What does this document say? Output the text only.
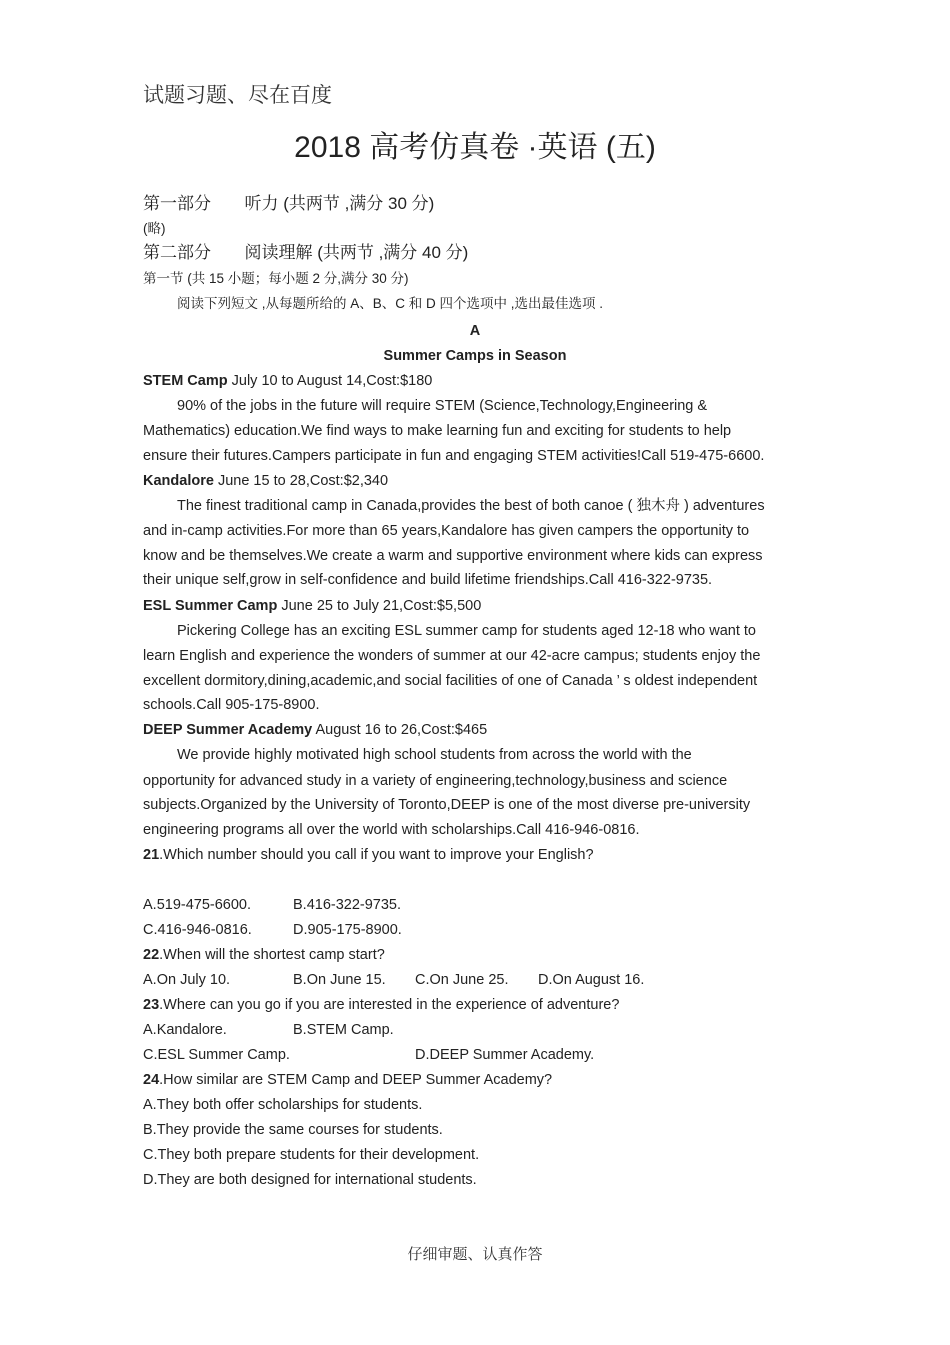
试题习题、尽在百度
2018 高考仿真卷 ·英语 (五)
第一部分 听力 (共两节 ,满分 30 分)
(略)
第二部分 阅读理解 (共两节 ,满分 40 分)
第一节 (共 15 小题；每小题 2 分,满分 30 分)
阅读下列短文 ,从每题所给的 A、B、C 和 D 四个选项中 ,选出最佳选项 .
A
Summer Camps in Season
STEM Camp July 10 to August 14,Cost:$180
90% of the jobs in the future will require STEM (Science,Technology,Engineering &
Mathematics) education.We find ways to make learning fun and exciting for students to help
ensure their futures.Campers participate in fun and engaging STEM activities!Call 519-475-6600.
Kandalore June 15 to 28,Cost:$2,340
The finest traditional camp in Canada,provides the best of both canoe ( 独木舟 ) adventures
and in-camp activities.For more than 65 years,Kandalore has given campers the opportunity to
know and be themselves.We create a warm and supportive environment where kids can express
their unique self,grow in self-confidence and build lifetime friendships.Call 416-322-9735.
ESL Summer Camp June 25 to July 21,Cost:$5,500
Pickering College has an exciting ESL summer camp for students aged 12-18 who want to
learn English and experience the wonders of summer at our 42-acre campus; students enjoy the
excellent dormitory,dining,academic,and social facilities of one of Canada ’ s oldest independent
schools.Call 905-175-8900.
DEEP Summer Academy August 16 to 26,Cost:$465
We provide highly motivated high school students from across the world with the
opportunity for advanced study in a variety of engineering,technology,business and science
subjects.Organized by the University of Toronto,DEEP is one of the most diverse pre-university
engineering programs all over the world with scholarships.Call 416-946-0816.
21.Which number should you call if you want to improve your English?
A.519-475-6600.	B.416-322-9735.
C.416-946-0816.	D.905-175-8900.
22.When will the shortest camp start?
A.On July 10.	B.On June 15. C.On June 25. D.On August 16.
23.Where can you go if you are interested in the experience of adventure?
A.Kandalore.	B.STEM Camp.
C.ESL Summer Camp.	D.DEEP Summer Academy.
24.How similar are STEM Camp and DEEP Summer Academy?
A.They both offer scholarships for students.
B.They provide the same courses for students.
C.They both prepare students for their development.
D.They are both designed for international students.
仔细审题、认真作答
